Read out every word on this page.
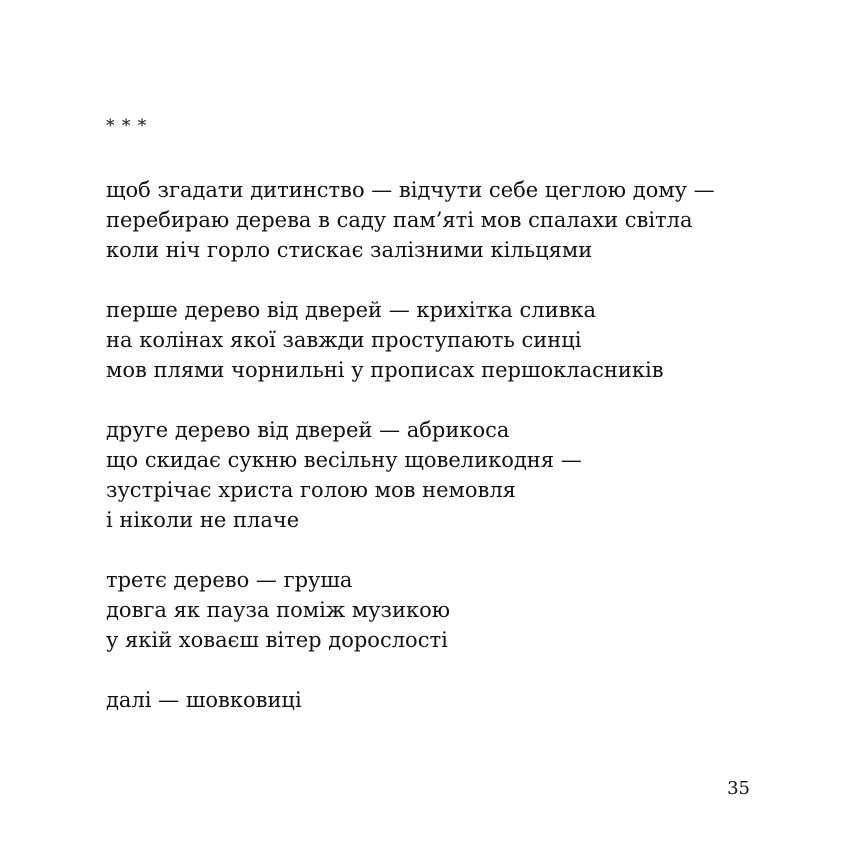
* * *

щоб згадати дитинство — відчути себе цеглою дому —
перебираю дерева в саду пам’яті мов спалахи світла
коли ніч горло стискає залізними кільцями

перше дерево від дверей — крихітка сливка
на колінах якої завжди проступають синці
мов плями чорнильні у прописах першокласників

друге дерево від дверей — абрикоса
що скидає сукню весільну щовеликодня —
зустрічає христа голою мов немовля
і ніколи не плаче

третє дерево — груша
довга як пауза поміж музикою
у якій ховаєш вітер дорослості

далі — шовковиці

35
